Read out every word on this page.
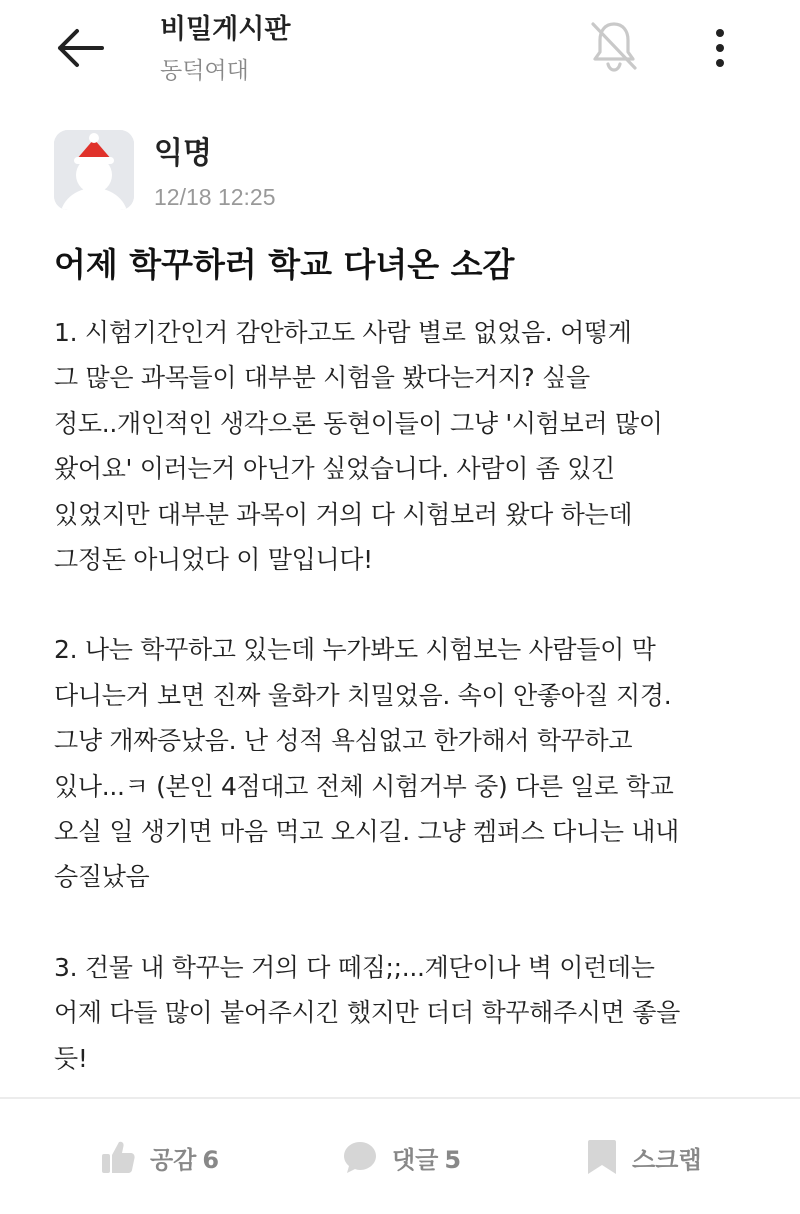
비밀게시판
동덕여대
익명
12/18 12:25
어제 학꾸하러 학교 다녀온 소감
1. 시험기간인거 감안하고도 사람 별로 없었음. 어떻게
그 많은 과목들이 대부분 시험을 봤다는거지? 싶을
정도..개인적인 생각으론 동현이들이 그냥 '시험보러 많이
왔어요' 이러는거 아닌가 싶었습니다. 사람이 좀 있긴
있었지만 대부분 과목이 거의 다 시험보러 왔다 하는데
그정돈 아니었다 이 말입니다!
2. 나는 학꾸하고 있는데 누가봐도 시험보는 사람들이 막
다니는거 보면 진짜 울화가 치밀었음. 속이 안좋아질 지경.
그냥 개짜증났음. 난 성적 욕심없고 한가해서 학꾸하고
있나...ㅋ (본인 4점대고 전체 시험거부 중) 다른 일로 학교
오실 일 생기면 마음 먹고 오시길. 그냥 켐퍼스 다니는 내내
승질났음
3. 건물 내 학꾸는 거의 다 떼짐;;...계단이나 벽 이런데는
어제 다들 많이 붙어주시긴 했지만 더더 학꾸해주시면 좋을
듯!
공감 6	댓글 5	스크랩
